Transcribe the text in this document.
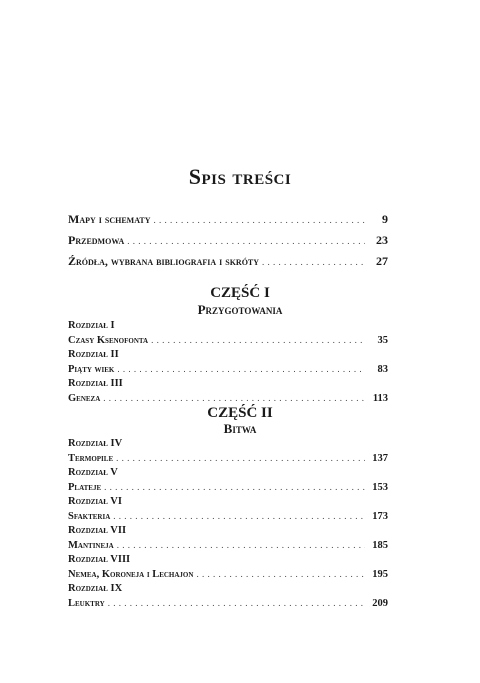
Spis treści
Mapy i schematy . . .	9
Przedmowa . . .	23
Źródła, wybrana bibliografia i skróty . . .	27
CZĘŚĆ I
Przygotowania
Rozdział I
Czasy Ksenofonta . . .	35
Rozdział II
Piąty wiek . . .	83
Rozdział III
Geneza . . .	113
CZĘŚĆ II
Bitwa
Rozdział IV
Termopile . . .	137
Rozdział V
Plateje . . .	153
Rozdział VI
Sfakteria . . .	173
Rozdział VII
Mantineja . . .	185
Rozdział VIII
Nemea, Koroneja i Lechajon . . .	195
Rozdział IX
Leuktry . . .	209
